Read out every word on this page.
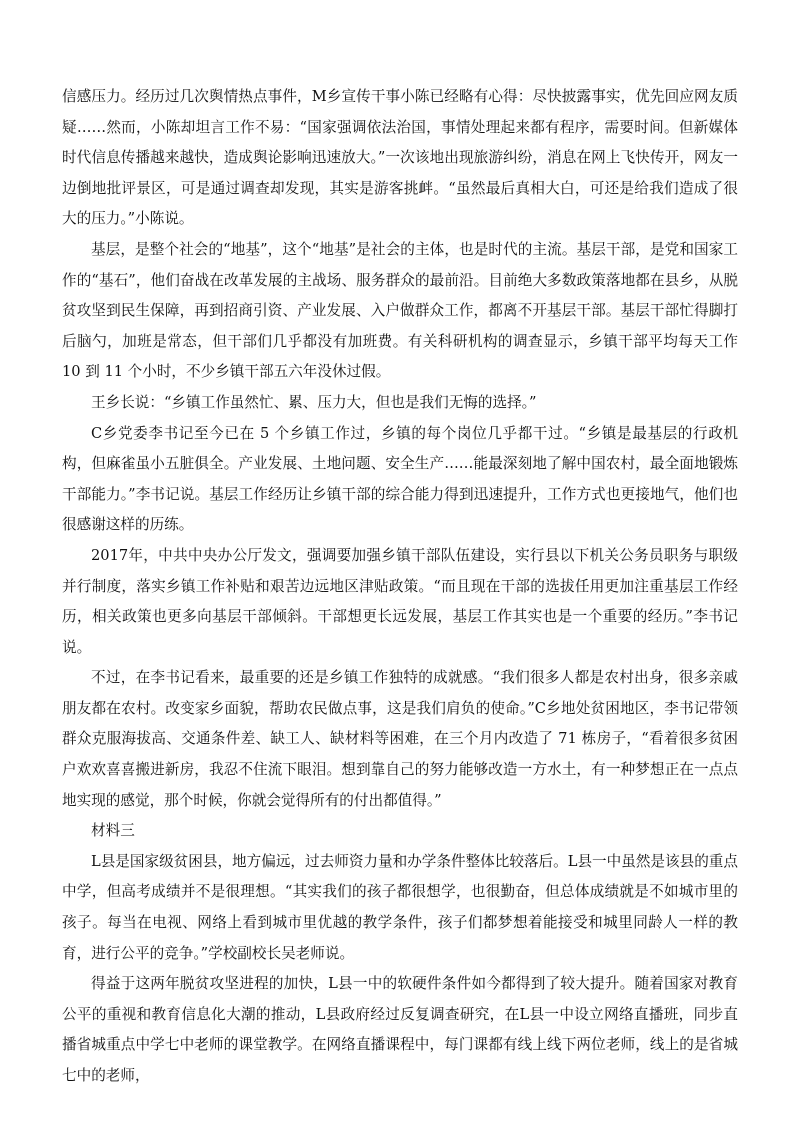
信感压力。经历过几次舆情热点事件，M乡宣传干事小陈已经略有心得：尽快披露事实，优先回应网友质疑……然而，小陈却坦言工作不易：“国家强调依法治国，事情处理起来都有程序，需要时间。但新媒体时代信息传播越来越快，造成舆论影响迅速放大。”一次该地出现旅游纠纷，消息在网上飞快传开，网友一边倒地批评景区，可是通过调查却发现，其实是游客挑衅。“虽然最后真相大白，可还是给我们造成了很大的压力。”小陈说。

基层，是整个社会的“地基”，这个“地基”是社会的主体，也是时代的主流。基层干部，是党和国家工作的“基石”，他们奋战在改革发展的主战场、服务群众的最前沿。目前绝大多数政策落地都在县乡，从脱贫攻坚到民生保障，再到招商引资、产业发展、入户做群众工作，都离不开基层干部。基层干部忙得脚打后脑勺，加班是常态，但干部们几乎都没有加班费。有关科研机构的调查显示，乡镇干部平均每天工作 10 到 11 个小时，不少乡镇干部五六年没休过假。

王乡长说：“乡镇工作虽然忙、累、压力大，但也是我们无悔的选择。”

C乡党委李书记至今已在 5 个乡镇工作过，乡镇的每个岗位几乎都干过。“乡镇是最基层的行政机构，但麻雀虽小五脏俱全。产业发展、土地问题、安全生产……能最深刻地了解中国农村，最全面地锻炼干部能力。”李书记说。基层工作经历让乡镇干部的综合能力得到迅速提升，工作方式也更接地气，他们也很感谢这样的历练。

2017年，中共中央办公厅发文，强调要加强乡镇干部队伍建设，实行县以下机关公务员职务与职级并行制度，落实乡镇工作补贴和艰苦边远地区津贴政策。“而且现在干部的选拔任用更加注重基层工作经历，相关政策也更多向基层干部倾斜。干部想更长远发展，基层工作其实也是一个重要的经历。”李书记说。

不过，在李书记看来，最重要的还是乡镇工作独特的成就感。“我们很多人都是农村出身，很多亲戚朋友都在农村。改变家乡面貌，帮助农民做点事，这是我们肩负的使命。”C乡地处贫困地区，李书记带领群众克服海拔高、交通条件差、缺工人、缺材料等困难，在三个月内改造了 71 栋房子，“看着很多贫困户欢欢喜喜搬进新房，我忍不住流下眼泪。想到靠自己的努力能够改造一方水土，有一种梦想正在一点点地实现的感觉，那个时候，你就会觉得所有的付出都值得。”

材料三

L县是国家级贫困县，地方偏远，过去师资力量和办学条件整体比较落后。L县一中虽然是该县的重点中学，但高考成绩并不是很理想。“其实我们的孩子都很想学，也很勤奋，但总体成绩就是不如城市里的孩子。每当在电视、网络上看到城市里优越的教学条件，孩子们都梦想着能接受和城里同龄人一样的教育，进行公平的竞争。”学校副校长吴老师说。

得益于这两年脱贫攻坚进程的加快，L县一中的软硬件条件如今都得到了较大提升。随着国家对教育公平的重视和教育信息化大潮的推动，L县政府经过反复调查研究，在L县一中设立网络直播班，同步直播省城重点中学七中老师的课堂教学。在网络直播课程中，每门课都有线上线下两位老师，线上的是省城七中的老师，
